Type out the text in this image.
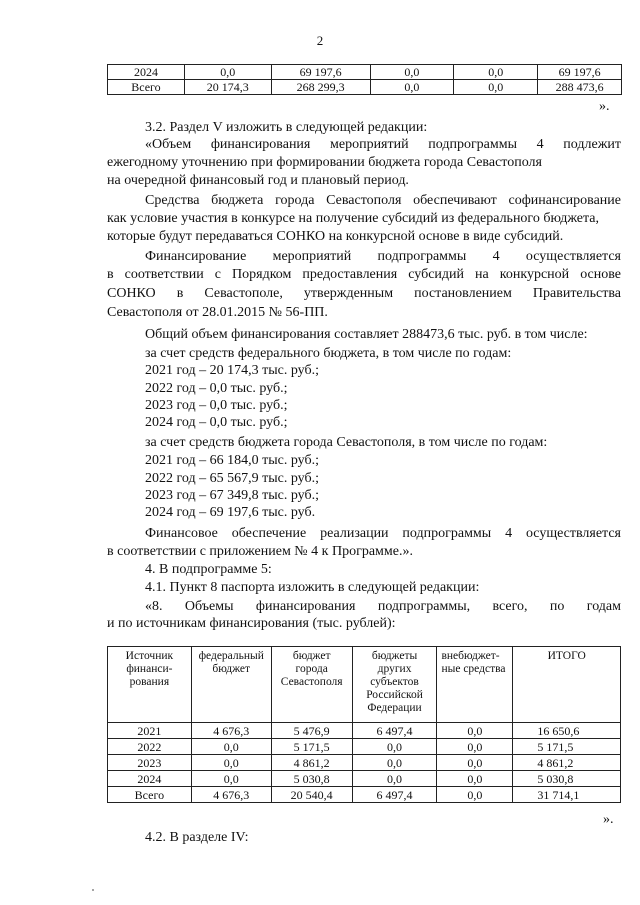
2
2024	0,0	69 197,6	0,0	0,0	69 197,6
Всего	20 174,3	268 299,3	0,0	0,0	288 473,6
».
3.2. Раздел V изложить в следующей редакции:
«Объем финансирования мероприятий подпрограммы 4 подлежит
ежегодному уточнению при формировании бюджета города Севастополя
на очередной финансовый год и плановый период.
Средства бюджета города Севастополя обеспечивают софинансирование
как условие участия в конкурсе на получение субсидий из федерального бюджета,
которые будут передаваться СОНКО на конкурсной основе в виде субсидий.
Финансирование мероприятий подпрограммы 4 осуществляется
в соответствии с Порядком предоставления субсидий на конкурсной основе
СОНКО в Севастополе, утвержденным постановлением Правительства
Севастополя от 28.01.2015 № 56-ПП.
Общий объем финансирования составляет 288473,6 тыс. руб. в том числе:
за счет средств федерального бюджета, в том числе по годам:
2021 год – 20 174,3 тыс. руб.;
2022 год – 0,0 тыс. руб.;
2023 год – 0,0 тыс. руб.;
2024 год – 0,0 тыс. руб.;
за счет средств бюджета города Севастополя, в том числе по годам:
2021 год – 66 184,0 тыс. руб.;
2022 год – 65 567,9 тыс. руб.;
2023 год – 67 349,8 тыс. руб.;
2024 год – 69 197,6 тыс. руб.
Финансовое обеспечение реализации подпрограммы 4 осуществляется
в соответствии с приложением № 4 к Программе.».
4. В подпрограмме 5:
4.1. Пункт 8 паспорта изложить в следующей редакции:
«8. Объемы финансирования подпрограммы, всего, по годам
и по источникам финансирования (тыс. рублей):
Источник финанси-рования	федеральный бюджет	бюджет города Севастополя	бюджеты других субъектов Российской Федерации	внебюджет-ные средства	ИТОГО
2021	4 676,3	5 476,9	6 497,4	0,0	16 650,6
2022	0,0	5 171,5	0,0	0,0	5 171,5
2023	0,0	4 861,2	0,0	0,0	4 861,2
2024	0,0	5 030,8	0,0	0,0	5 030,8
Всего	4 676,3	20 540,4	6 497,4	0,0	31 714,1
».
4.2. В разделе IV:
